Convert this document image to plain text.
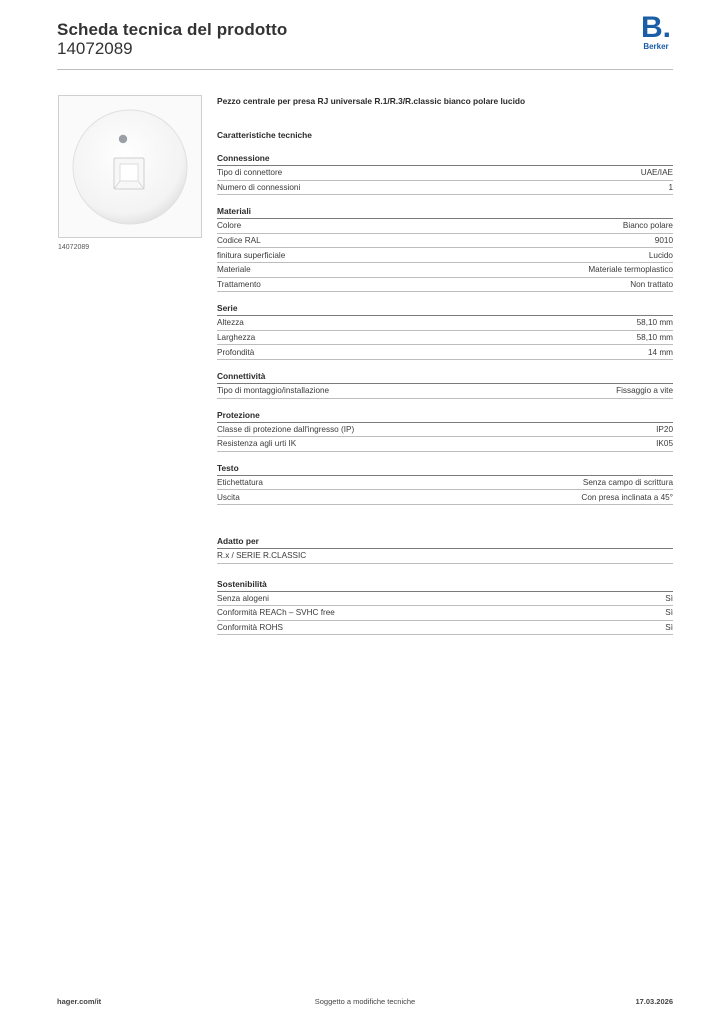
Scheda tecnica del prodotto
14072089
B.
Berker
14072089
Pezzo centrale per presa RJ universale R.1/R.3/R.classic bianco polare lucido
Caratteristiche tecniche
Connessione
Tipo di connettore	UAE/IAE
Numero di connessioni	1
Materiali
Colore	Bianco polare
Codice RAL	9010
finitura superficiale	Lucido
Materiale	Materiale termoplastico
Trattamento	Non trattato
Serie
Altezza	58,10 mm
Larghezza	58,10 mm
Profondità	14 mm
Connettività
Tipo di montaggio/installazione	Fissaggio a vite
Protezione
Classe di protezione dall'ingresso (IP)	IP20
Resistenza agli urti IK	IK05
Testo
Etichettatura	Senza campo di scrittura
Uscita	Con presa inclinata a 45°
Adatto per
R.x / SERIE R.CLASSIC
Sostenibilità
Senza alogeni	Sì
Conformità REACh – SVHC free	Sì
Conformità ROHS	Sì
hager.com/it	Soggetto a modifiche tecniche	17.03.2026
